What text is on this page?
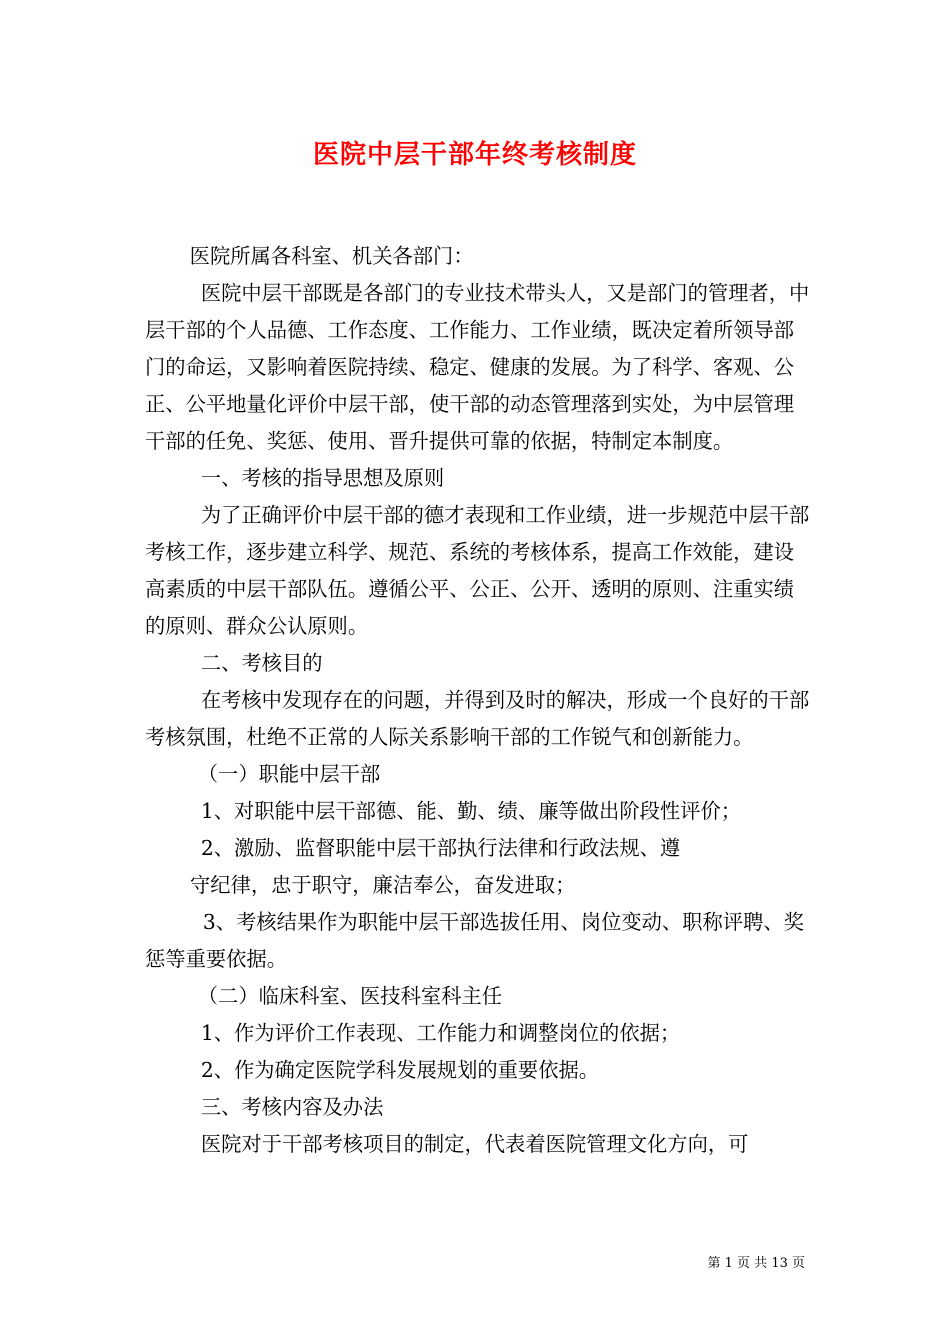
医院中层干部年终考核制度

医院所属各科室、机关各部门：

医院中层干部既是各部门的专业技术带头人，又是部门的管理者，中层干部的个人品德、工作态度、工作能力、工作业绩，既决定着所领导部门的命运，又影响着医院持续、稳定、健康的发展。为了科学、客观、公正、公平地量化评价中层干部，使干部的动态管理落到实处，为中层管理干部的任免、奖惩、使用、晋升提供可靠的依据，特制定本制度。

一、考核的指导思想及原则

为了正确评价中层干部的德才表现和工作业绩，进一步规范中层干部考核工作，逐步建立科学、规范、系统的考核体系，提高工作效能，建设高素质的中层干部队伍。遵循公平、公正、公开、透明的原则、注重实绩的原则、群众公认原则。

二、考核目的

在考核中发现存在的问题，并得到及时的解决，形成一个良好的干部考核氛围，杜绝不正常的人际关系影响干部的工作锐气和创新能力。

（一）职能中层干部

1、对职能中层干部德、能、勤、绩、廉等做出阶段性评价；

2、激励、监督职能中层干部执行法律和行政法规、遵

守纪律，忠于职守，廉洁奉公，奋发进取；

3、考核结果作为职能中层干部选拔任用、岗位变动、职称评聘、奖惩等重要依据。

（二）临床科室、医技科室科主任

1、作为评价工作表现、工作能力和调整岗位的依据；

2、作为确定医院学科发展规划的重要依据。

三、考核内容及办法

医院对于干部考核项目的制定，代表着医院管理文化方向，可

第 1 页 共 13 页
